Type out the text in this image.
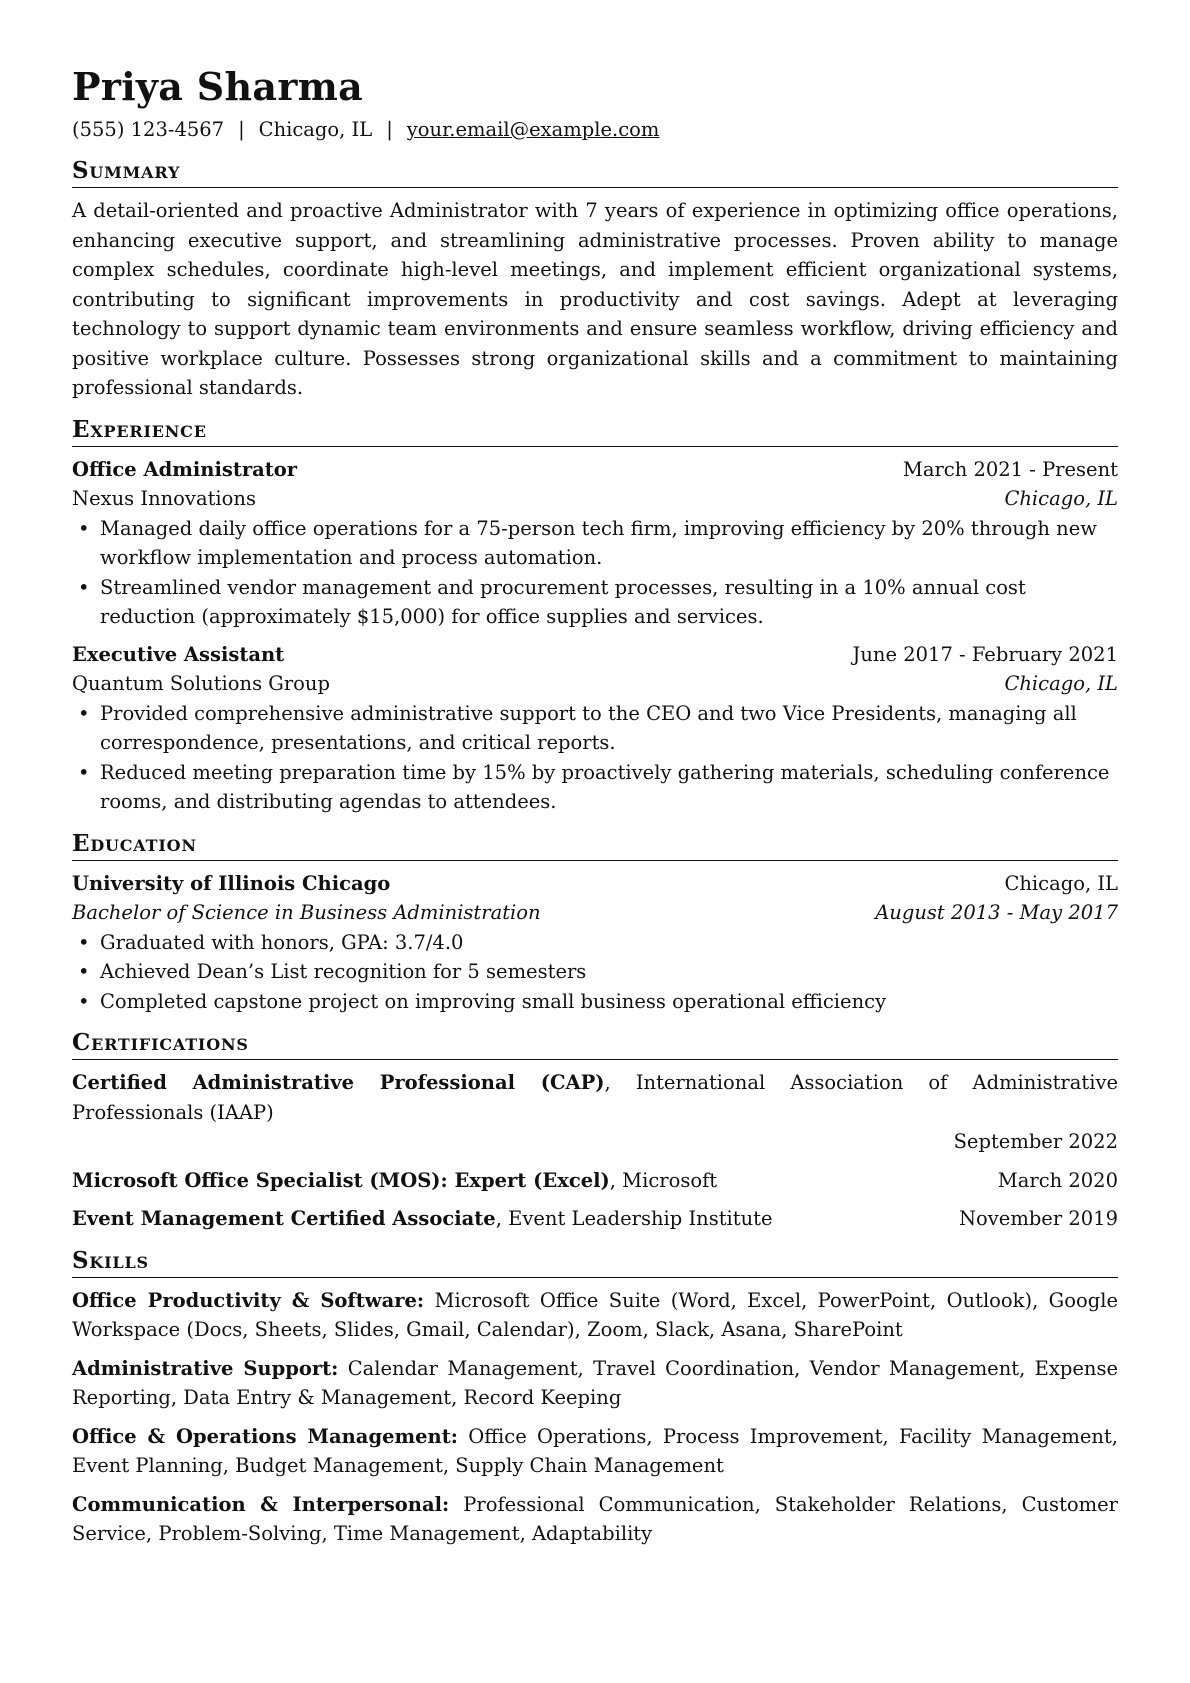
Priya Sharma
(555) 123-4567 | Chicago, IL | your.email@example.com
Summary

A detail-oriented and proactive Administrator with 7 years of experience in optimizing office operations, enhancing executive support, and streamlining administrative processes. Proven ability to manage complex schedules, coordinate high-level meetings, and implement efficient organizational systems, contributing to significant improvements in productivity and cost savings. Adept at leveraging technology to support dynamic team environments and ensure seamless workflow, driving efficiency and positive workplace culture. Possesses strong organizational skills and a commitment to maintaining professional standards.

Experience
Office Administrator	March 2021 - Present
Nexus Innovations	Chicago, IL
• Managed daily office operations for a 75-person tech firm, improving efficiency by 20% through new workflow implementation and process automation.
• Streamlined vendor management and procurement processes, resulting in a 10% annual cost reduction (approximately $15,000) for office supplies and services.
Executive Assistant	June 2017 - February 2021
Quantum Solutions Group	Chicago, IL
• Provided comprehensive administrative support to the CEO and two Vice Presidents, managing all correspondence, presentations, and critical reports.
• Reduced meeting preparation time by 15% by proactively gathering materials, scheduling conference rooms, and distributing agendas to attendees.
Education
University of Illinois Chicago	Chicago, IL
Bachelor of Science in Business Administration	August 2013 - May 2017
• Graduated with honors, GPA: 3.7/4.0
• Achieved Dean’s List recognition for 5 semesters
• Completed capstone project on improving small business operational efficiency
Certifications
Certified Administrative Professional (CAP), International Association of Administrative Professionals (IAAP)
September 2022
Microsoft Office Specialist (MOS): Expert (Excel), Microsoft	March 2020
Event Management Certified Associate, Event Leadership Institute	November 2019
Skills
Office Productivity & Software: Microsoft Office Suite (Word, Excel, PowerPoint, Outlook), Google Workspace (Docs, Sheets, Slides, Gmail, Calendar), Zoom, Slack, Asana, SharePoint
Administrative Support: Calendar Management, Travel Coordination, Vendor Management, Expense Reporting, Data Entry & Management, Record Keeping
Office & Operations Management: Office Operations, Process Improvement, Facility Management, Event Planning, Budget Management, Supply Chain Management
Communication & Interpersonal: Professional Communication, Stakeholder Relations, Customer Service, Problem-Solving, Time Management, Adaptability
